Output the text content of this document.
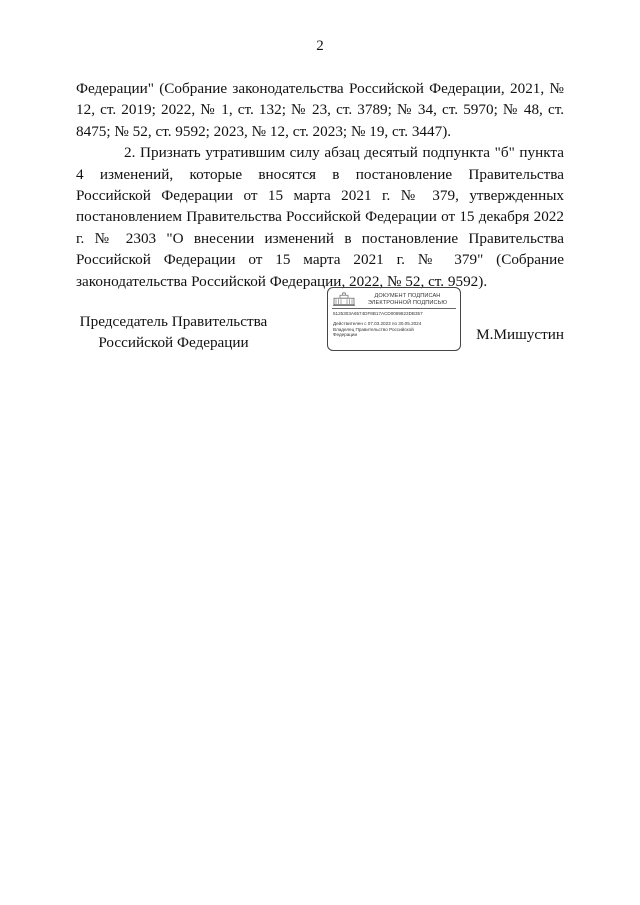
2

Федерации" (Собрание законодательства Российской Федерации, 2021, № 12, ст. 2019; 2022, № 1, ст. 132; № 23, ст. 3789; № 34, ст. 5970; № 48, ст. 8475; № 52, ст. 9592; 2023, № 12, ст. 2023; № 19, ст. 3447).

2. Признать утратившим силу абзац десятый подпункта "б" пункта 4 изменений, которые вносятся в постановление Правительства Российской Федерации от 15 марта 2021 г. № 379, утвержденных постановлением Правительства Российской Федерации от 15 декабря 2022 г. № 2303 "О внесении изменений в постановление Правительства Российской Федерации от 15 марта 2021 г. № 379" (Собрание законодательства Российской Федерации, 2022, № 52, ст. 9592).

Председатель Правительства
Российской Федерации
ДОКУМЕНТ ПОДПИСАН
ЭЛЕКТРОННОЙ ПОДПИСЬЮ
5125303A6574DF8B17ACD0089823DB357
Действителен с 07.03.2023 по 30.05.2024
Владелец Правительство Российской
Федерации	М.Мишустин
